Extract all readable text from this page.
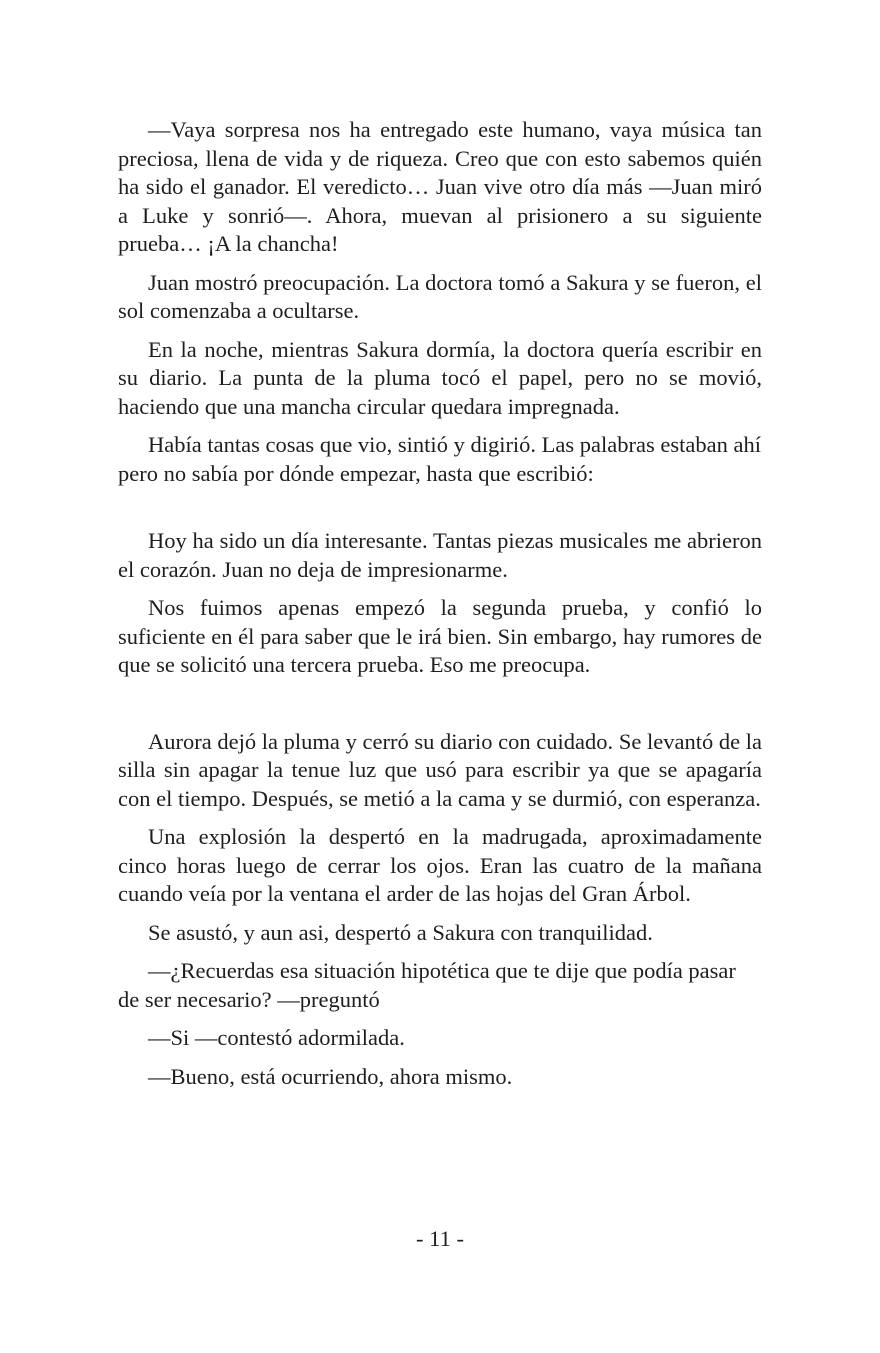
—Vaya sorpresa nos ha entregado este humano, vaya música tan preciosa, llena de vida y de riqueza. Creo que con esto sabemos quién ha sido el ganador. El veredicto… Juan vive otro día más —Juan miró a Luke y sonrió—. Ahora, muevan al prisionero a su siguiente prueba… ¡A la chancha!

Juan mostró preocupación. La doctora tomó a Sakura y se fueron, el sol comenzaba a ocultarse.

En la noche, mientras Sakura dormía, la doctora quería escribir en su diario. La punta de la pluma tocó el papel, pero no se movió, haciendo que una mancha circular quedara impregnada.

Había tantas cosas que vio, sintió y digirió. Las palabras estaban ahí pero no sabía por dónde empezar, hasta que escribió:

Hoy ha sido un día interesante. Tantas piezas musicales me abrieron el corazón. Juan no deja de impresionarme.

Nos fuimos apenas empezó la segunda prueba, y confió lo suficiente en él para saber que le irá bien. Sin embargo, hay rumores de que se solicitó una tercera prueba. Eso me preocupa.

Aurora dejó la pluma y cerró su diario con cuidado. Se levantó de la silla sin apagar la tenue luz que usó para escribir ya que se apagaría con el tiempo. Después, se metió a la cama y se durmió, con esperanza.

Una explosión la despertó en la madrugada, aproximadamente cinco horas luego de cerrar los ojos. Eran las cuatro de la mañana cuando veía por la ventana el arder de las hojas del Gran Árbol.

Se asustó, y aun asi, despertó a Sakura con tranquilidad.

—¿Recuerdas esa situación hipotética que te dije que podía pasar de ser necesario? —preguntó

—Si —contestó adormilada.

—Bueno, está ocurriendo, ahora mismo.

- 11 -
